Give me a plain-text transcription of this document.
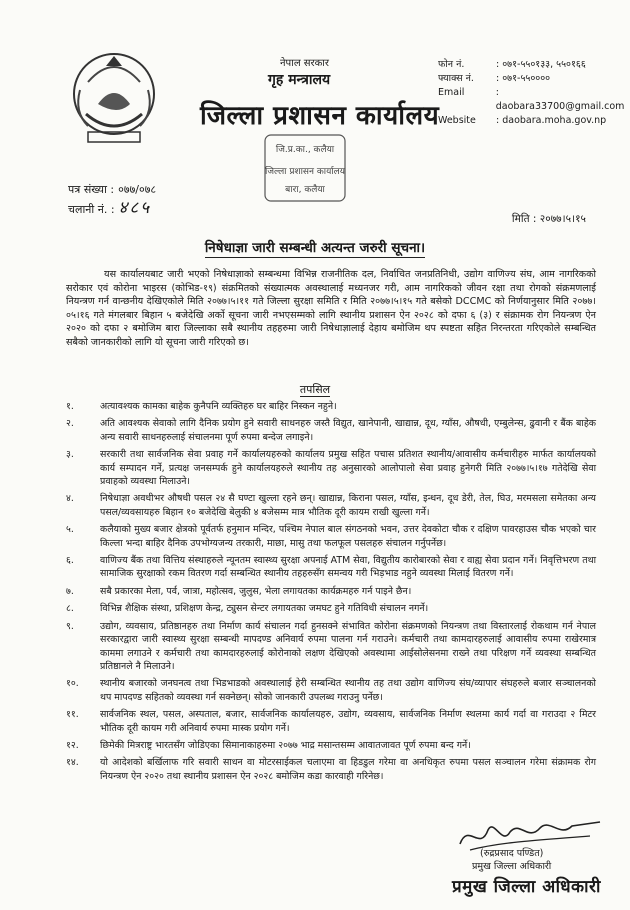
नेपाल सरकार
गृह मन्त्रालय
जिल्ला प्रशासन कार्यालय
फोन नं.	: ०७१-५५०१३३, ५५०१६६
फ्याक्स नं.	: ०७१-५५००००
Email	: daobara33700@gmail.com
Website	: daobara.moha.gov.np
जि.प्र.का., कलैया
जिल्ला प्रशासन कार्यालय
बारा, कलैया
पत्र संख्या : ०७७/०७८
चलानी नं. : ४८५
मिति : २०७७।५।१५
निषेधाज्ञा जारी सम्बन्धी अत्यन्त जरुरी सूचना।
यस कार्यालयबाट जारी भएको निषेधाज्ञाको सम्बन्धमा विभिन्न राजनीतिक दल, निर्वाचित जनप्रतिनिधी, उद्योग वाणिज्य संघ, आम नागरिकको सरोकार एवं कोरोना भाइरस (कोभिड-१९) संक्रमितको संख्यात्मक अवस्थालाई मध्यनजर गरी, आम नागरिकको जीवन रक्षा तथा रोगको संक्रमणलाई नियन्त्रण गर्न वान्छनीय देखिएकोले मिति २०७७।५।११ गते जिल्ला सुरक्षा समिति र मिति २०७७।५।१५ गते बसेको DCCMC को निर्णयानुसार मिति २०७७।०५।१६ गते मंगलबार बिहान ५ बजेदेखि अर्को सूचना जारी नभएसम्मको लागि स्थानीय प्रशासन ऐन २०२८ को दफा ६ (३) र संक्रामक रोग नियन्त्रण ऐन २०२० को दफा २ बमोजिम बारा जिल्लाका सबै स्थानीय तहहरुमा जारी निषेधाज्ञालाई देहाय बमोजिम थप स्पष्टता सहित निरन्तरता गरिएकोले सम्बन्धित सबैको जानकारीको लागि यो सूचना जारी गरिएको छ।
तपसिल
१.	अत्यावश्यक कामका बाहेक कुनैपनि व्यक्तिहरु घर बाहिर निस्कन नहुने।
२.	अति आवश्यक सेवाको लागि दैनिक प्रयोग हुने सवारी साधनहरु जस्तै विद्युत, खानेपानी, खाद्यान्न, दूध, ग्याँस, औषधी, एम्बुलेन्स, ढुवानी र बैंक बाहेक अन्य सवारी साधनहरुलाई संचालनमा पूर्ण रुपमा बन्देज लगाइने।
३.	सरकारी तथा सार्वजनिक सेवा प्रवाह गर्ने कार्यालयहरुको कार्यालय प्रमुख सहित पचास प्रतिशत स्थानीय/आवासीय कर्मचारीहरु मार्फत कार्यालयको कार्य सम्पादन गर्ने, प्रत्यक्ष जनसम्पर्क हुने कार्यालयहरुले स्थानीय तह अनुसारको आलोपालो सेवा प्रवाह हुनेगरी मिति २०७७।५।१७ गतेदेखि सेवा प्रवाहको व्यवस्था मिलाउने।
४.	निषेधाज्ञा अवधीभर औषधी पसल २४ सै घण्टा खुल्ला रहने छन्। खाद्यान्न, किराना पसल, ग्याँस, इन्धन, दूध डेरी, तेल, घिउ, मरमसला समेतका अन्य पसल/व्यवसायहरु बिहान १० बजेदेखि बेलुकी ४ बजेसम्म मात्र भौतिक दूरी कायम राखी खुल्ला गर्ने।
५.	कलैयाको मुख्य बजार क्षेत्रको पूर्वतर्फ हनुमान मन्दिर, पश्चिम नेपाल बाल संगठनको भवन, उत्तर देवकोटा चौक र दक्षिण पावरहाउस चौक भएको चार किल्ला भन्दा बाहिर दैनिक उपभोग्यजन्य तरकारी, माछा, मासु तथा फलफूल पसलहरु संचालन गर्नुपर्नेछ।
६.	वाणिज्य बैंक तथा वित्तिय संस्थाहरुले न्यूनतम स्वास्थ्य सुरक्षा अपनाई ATM सेवा, विद्युतीय कारोबारको सेवा र वाह्य सेवा प्रदान गर्ने। निवृत्तिभरण तथा सामाजिक सुरक्षाको रकम वितरण गर्दा सम्बन्धित स्थानीय तहहरुसँग समन्वय गरी भिड़भाड नहुने व्यवस्था मिलाई वितरण गर्ने।
७.	सबै प्रकारका मेला, पर्व, जात्रा, महोत्सव, जुलुस, भेला लगायतका कार्यक्रमहरु गर्न पाइने छैन।
८.	विभिन्न शैक्षिक संस्था, प्रशिक्षण केन्द्र, ट्युसन सेन्टर लगायतका जमघट हुने गतिविधी संचालन नगर्ने।
९.	उद्योग, व्यवसाय, प्रतिष्ठानहरु तथा निर्माण कार्य संचालन गर्दा हुनसक्ने संभावित कोरोना संक्रमणको नियन्त्रण तथा विस्तारलाई रोकथाम गर्न नेपाल सरकारद्वारा जारी स्वास्थ्य सुरक्षा सम्बन्धी मापदण्ड अनिवार्य रुपमा पालना गर्न गराउने। कर्मचारी तथा कामदारहरुलाई आवासीय रुपमा राखेरमात्र काममा लगाउने र कर्मचारी तथा कामदारहरुलाई कोरोनाको लक्षण देखिएको अवस्थामा आईसोलेसनमा राख्ने तथा परिक्षण गर्ने व्यवस्था सम्बन्धित प्रतिष्ठानले नै मिलाउने।
१०.	स्थानीय बजारको जनघनत्व तथा भिडभाडको अवस्थालाई हेरी सम्बन्धित स्थानीय तह तथा उद्योग वाणिज्य संघ/व्यापार संघहरुले बजार सञ्चालनको थप मापदण्ड सहितको व्यवस्था गर्न सक्नेछन्। सोको जानकारी उपलब्ध गराउनु पर्नेछ।
११.	सार्वजनिक स्थल, पसल, अस्पताल, बजार, सार्वजनिक कार्यालयहरु, उद्योग, व्यवसाय, सार्वजनिक निर्माण स्थलमा कार्य गर्दा वा गराउदा २ मिटर भौतिक दूरी कायम गरी अनिवार्य रुपमा मास्क प्रयोग गर्ने।
१२.	छिमेकी मित्रराष्ट्र भारतसँग जोडिएका सिमानाकाहरुमा २०७७ भाद्र मसान्तसम्म आवातजावत पूर्ण रुपमा बन्द गर्ने।
१४.	यो आदेशको बर्खिलाफ गरि सवारी साधन वा मोटरसाईकल चलाएमा वा हिडडुल गरेमा वा अनधिकृत रुपमा पसल सञ्चालन गरेमा संक्रामक रोग नियन्त्रण ऐन २०२० तथा स्थानीय प्रशासन ऐन २०२८ बमोजिम कडा कारवाही गरिनेछ।
(रुद्रप्रसाद पण्डित)
प्रमुख जिल्ला अधिकारी
प्रमुख जिल्ला अधिकारी
